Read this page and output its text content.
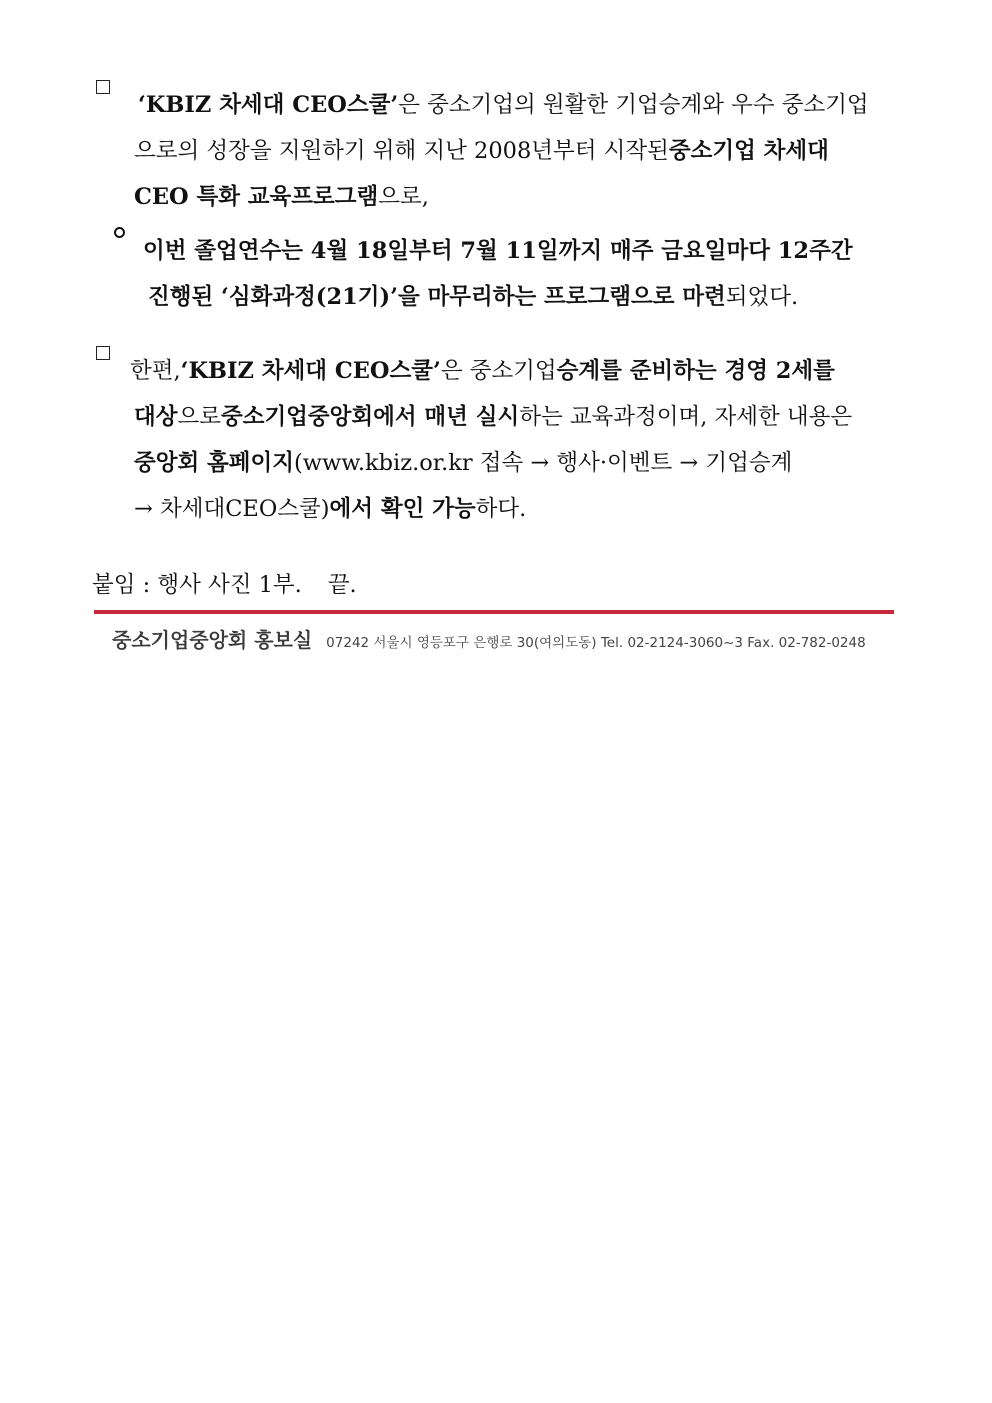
‘KBIZ 차세대 CEO스쿨’은 중소기업의 원활한 기업승계와 우수 중소기업
으로의 성장을 지원하기 위해 지난 2008년부터 시작된 중소기업 차세대
CEO 특화 교육프로그램 으로,
이번 졸업연수는 4월 18일부터 7월 11일까지 매주 금요일마다 12주간
진행된 ‘심화과정(21기)’을 마무리하는 프로그램으로 마련 되었다.
한편, ‘KBIZ 차세대 CEO스쿨’ 은 중소기업 승계를 준비하는 경영 2세를
대상 으로 중소기업중앙회에서 매년 실시 하는 교육과정이며, 자세한 내용은
중앙회 홈페이지 (www.kbiz.or.kr 접속 → 행사·이벤트 → 기업승계
→ 차세대CEO스쿨) 에서 확인 가능 하다.
붙임 : 행사 사진 1부. 끝.
중소기업중앙회 홍보실 07242 서울시 영등포구 은행로 30(여의도동) Tel. 02-2124-3060~3 Fax. 02-782-0248
